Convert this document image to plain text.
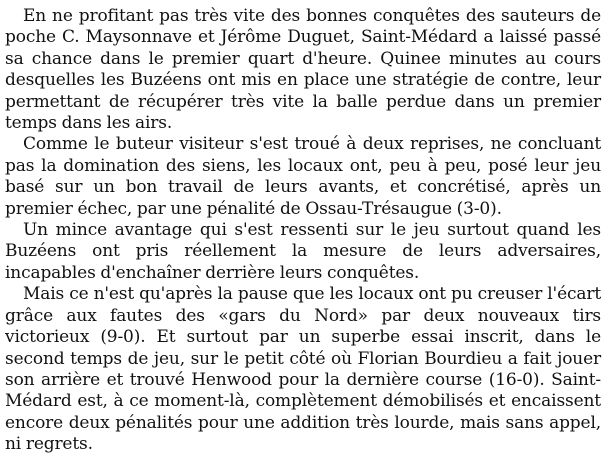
En ne profitant pas très vite des bonnes conquêtes des sauteurs de poche C. Maysonnave et Jérôme Duguet, Saint-Médard a laissé passé sa chance dans le premier quart d'heure. Quinee minutes au cours desquelles les Buzéens ont mis en place une stratégie de contre, leur permettant de récupérer très vite la balle perdue dans un premier temps dans les airs.

Comme le buteur visiteur s'est troué à deux reprises, ne concluant pas la domination des siens, les locaux ont, peu à peu, posé leur jeu basé sur un bon travail de leurs avants, et concrétisé, après un premier échec, par une pénalité de Ossau-Trésaugue (3-0).

Un mince avantage qui s'est ressenti sur le jeu surtout quand les Buzéens ont pris réellement la mesure de leurs adversaires, incapables d'enchaîner derrière leurs conquêtes.

Mais ce n'est qu'après la pause que les locaux ont pu creuser l'écart grâce aux fautes des «gars du Nord» par deux nouveaux tirs victorieux (9-0). Et surtout par un superbe essai inscrit, dans le second temps de jeu, sur le petit côté où Florian Bourdieu a fait jouer son arrière et trouvé Henwood pour la dernière course (16-0). Saint-Médard est, à ce moment-là, complètement démobilisés et encaissent encore deux pénalités pour une addition très lourde, mais sans appel, ni regrets.
